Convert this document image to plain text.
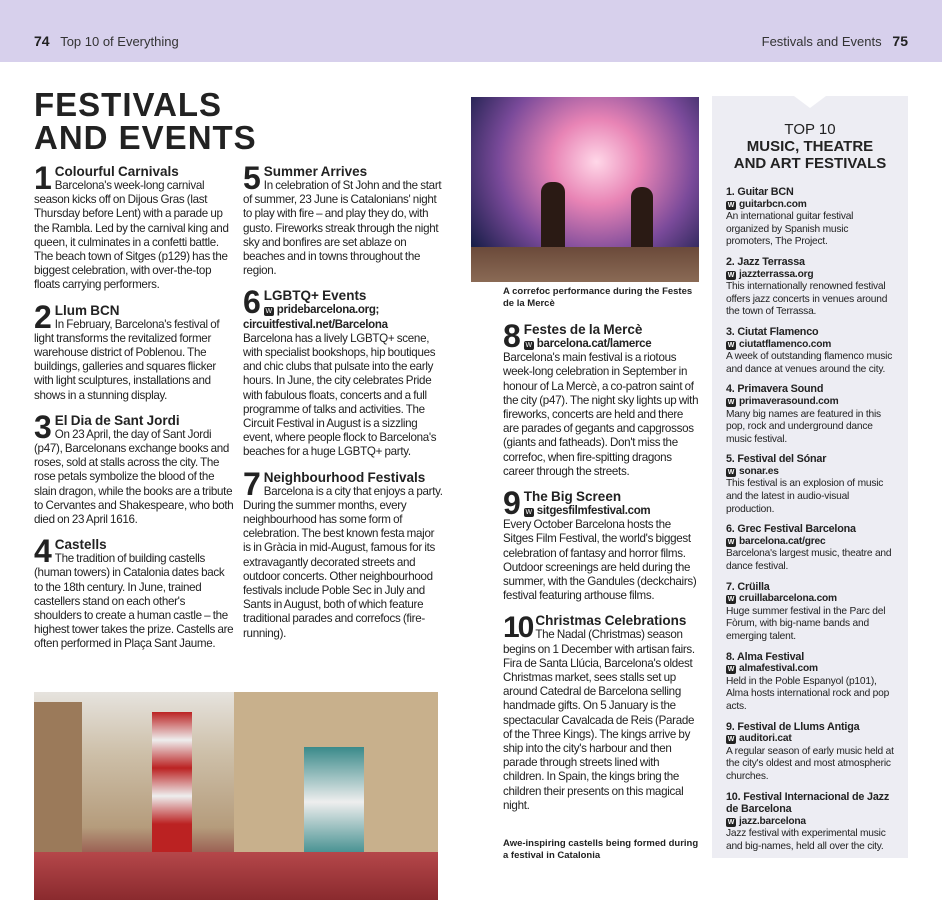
74 Top 10 of Everything	Festivals and Events 75
FESTIVALS
AND EVENTS
1 Colourful Carnivals
Barcelona's week-long carnival season kicks off on Dijous Gras (last Thursday before Lent) with a parade up the Rambla. Led by the carnival king and queen, it culminates in a confetti battle. The beach town of Sitges (p129) has the biggest celebration, with over-the-top floats carrying performers.
2 Llum BCN
In February, Barcelona's festival of light transforms the revitalized former warehouse district of Poblenou. The buildings, galleries and squares flicker with light sculptures, installations and shows in a stunning display.
3 El Dia de Sant Jordi
On 23 April, the day of Sant Jordi (p47), Barcelonans exchange books and roses, sold at stalls across the city. The rose petals symbolize the blood of the slain dragon, while the books are a tribute to Cervantes and Shakespeare, who both died on 23 April 1616.
4 Castells
The tradition of building castells (human towers) in Catalonia dates back to the 18th century. In June, trained castellers stand on each other's shoulders to create a human castle – the highest tower takes the prize. Castells are often performed in Plaça Sant Jaume.
5 Summer Arrives
In celebration of St John and the start of summer, 23 June is Catalonians' night to play with fire – and play they do, with gusto. Fireworks streak through the night sky and bonfires are set ablaze on beaches and in towns throughout the region.
6 LGBTQ+ Events
W pridebarcelona.org; circuitfestival.net/Barcelona
Barcelona has a lively LGBTQ+ scene, with specialist bookshops, hip boutiques and chic clubs that pulsate into the early hours. In June, the city celebrates Pride with fabulous floats, concerts and a full programme of talks and activities. The Circuit Festival in August is a sizzling event, where people flock to Barcelona's beaches for a huge LGBTQ+ party.
7 Neighbourhood Festivals
Barcelona is a city that enjoys a party. During the summer months, every neighbourhood has some form of celebration. The best known festa major is in Gràcia in mid-August, famous for its extravagantly decorated streets and outdoor concerts. Other neighbourhood festivals include Poble Sec in July and Sants in August, both of which feature traditional parades and correfocs (fire-running).
8 Festes de la Mercè
W barcelona.cat/lamerce
Barcelona's main festival is a riotous week-long celebration in September in honour of La Mercè, a co-patron saint of the city (p47). The night sky lights up with fireworks, concerts are held and there are parades of gegants and capgrossos (giants and fatheads). Don't miss the correfoc, when fire-spitting dragons career through the streets.
9 The Big Screen
W sitgesfilmfestival.com
Every October Barcelona hosts the Sitges Film Festival, the world's biggest celebration of fantasy and horror films. Outdoor screenings are held during the summer, with the Gandules (deckchairs) festival featuring arthouse films.
10 Christmas Celebrations
The Nadal (Christmas) season begins on 1 December with artisan fairs. Fira de Santa Llúcia, Barcelona's oldest Christmas market, sees stalls set up around Catedral de Barcelona selling handmade gifts. On 5 January is the spectacular Cavalcada de Reis (Parade of the Three Kings). The kings arrive by ship into the city's harbour and then parade through streets lined with children. In Spain, the kings bring the children their presents on this magical night.
A correfoc performance during the Festes de la Mercè
Awe-inspiring castells being formed during a festival in Catalonia
TOP 10
MUSIC, THEATRE AND ART FESTIVALS
1. Guitar BCN
W guitarbcn.com
An international guitar festival organized by Spanish music promoters, The Project.
2. Jazz Terrassa
W jazzterrassa.org
This internationally renowned festival offers jazz concerts in venues around the town of Terrassa.
3. Ciutat Flamenco
W ciutatflamenco.com
A week of outstanding flamenco music and dance at venues around the city.
4. Primavera Sound
W primaverasound.com
Many big names are featured in this pop, rock and underground dance music festival.
5. Festival del Sónar
W sonar.es
This festival is an explosion of music and the latest in audio-visual production.
6. Grec Festival Barcelona
W barcelona.cat/grec
Barcelona's largest music, theatre and dance festival.
7. Crüilla
W cruillabarcelona.com
Huge summer festival in the Parc del Fòrum, with big-name bands and emerging talent.
8. Alma Festival
W almafestival.com
Held in the Poble Espanyol (p101), Alma hosts international rock and pop acts.
9. Festival de Llums Antiga
W auditori.cat
A regular season of early music held at the city's oldest and most atmospheric churches.
10. Festival Internacional de Jazz de Barcelona
W jazz.barcelona
Jazz festival with experimental music and big-names, held all over the city.
